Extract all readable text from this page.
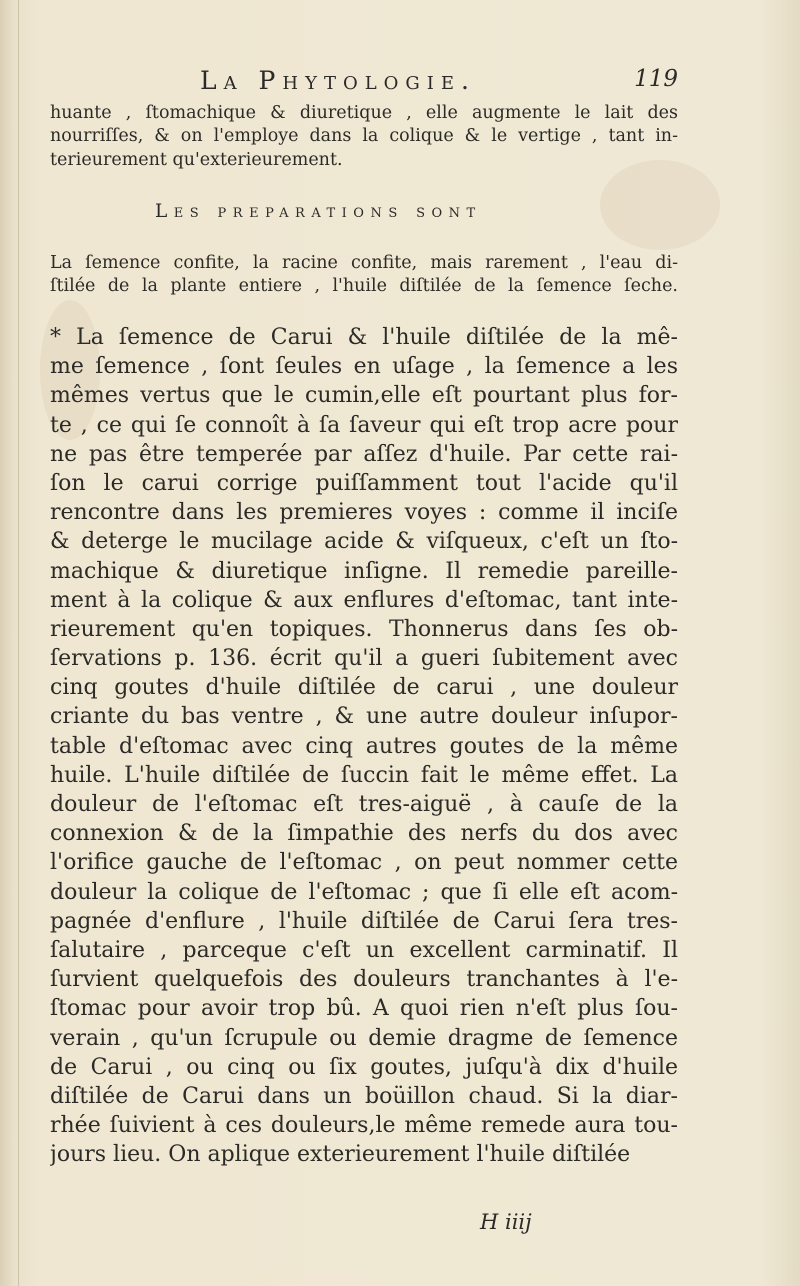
La Phytologie.	119
huante , ſtomachique & diuretique , elle augmente le lait des
nourriſſes, & on l'employe dans la colique & le vertige , tant in-
terieurement qu'exterieurement.
Les preparations sont
La ſemence confite, la racine confite, mais rarement , l'eau di-
ſtilée de la plante entiere , l'huile diſtilée de la ſemence ſeche.
* La ſemence de Carui & l'huile diſtilée de la mê-
me ſemence , ſont ſeules en uſage , la ſemence a les
mêmes vertus que le cumin,elle eſt pourtant plus for-
te , ce qui ſe connoît à ſa ſaveur qui eſt trop acre pour
ne pas être temperée par aſſez d'huile. Par cette rai-
ſon le carui corrige puiſſamment tout l'acide qu'il
rencontre dans les premieres voyes : comme il inciſe
& deterge le mucilage acide & viſqueux, c'eſt un ſto-
machique & diuretique inſigne. Il remedie pareille-
ment à la colique & aux enflures d'eſtomac, tant inte-
rieurement qu'en topiques. Thonnerus dans ſes ob-
ſervations p. 136. écrit qu'il a gueri ſubitement avec
cinq goutes d'huile diſtilée de carui , une douleur
criante du bas ventre , & une autre douleur inſupor-
table d'eſtomac avec cinq autres goutes de la même
huile. L'huile diſtilée de ſuccin fait le même effet. La
douleur de l'eſtomac eſt tres-aiguë , à cauſe de la
connexion & de la ſimpathie des nerfs du dos avec
l'orifice gauche de l'eſtomac , on peut nommer cette
douleur la colique de l'eſtomac ; que ſi elle eſt acom-
pagnée d'enflure , l'huile diſtilée de Carui ſera tres-
ſalutaire , parceque c'eſt un excellent carminatif. Il
ſurvient quelquefois des douleurs tranchantes à l'e-
ſtomac pour avoir trop bû. A quoi rien n'eſt plus ſou-
verain , qu'un ſcrupule ou demie dragme de ſemence
de Carui , ou cinq ou ſix goutes, juſqu'à dix d'huile
diſtilée de Carui dans un boüillon chaud. Si la diar-
rhée ſuivient à ces douleurs,le même remede aura tou-
jours lieu. On aplique exterieurement l'huile diſtilée
H iiij
